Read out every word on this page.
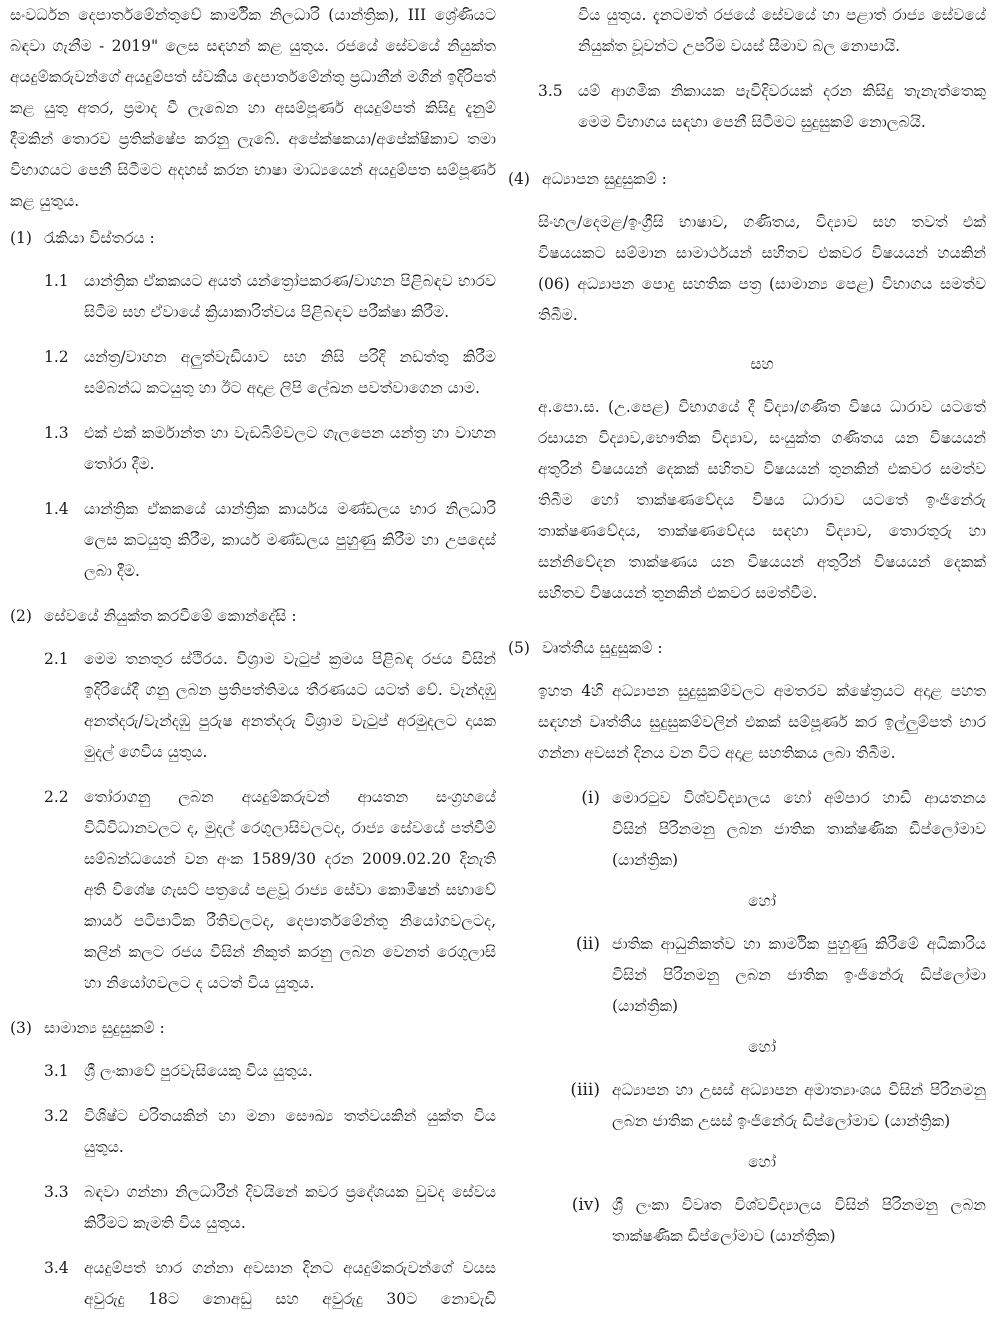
සංවර්ධන දෙපාර්තමේන්තුවේ කාර්මික නිලධාරි (යාන්ත්‍රික), III ශ්‍රේණියට බඳවා ගැනීම - 2019" ලෙස සඳහන් කළ යුතුය. රජයේ සේවයේ නියුක්ත අයදුම්කරුවන්ගේ අයදුම්පත් ස්වකීය දෙපාර්තමේන්තු ප්‍රධානීන් මගින් ඉදිරිපත් කළ යුතු අතර, ප්‍රමාද වී ලැබෙන හා අසම්පූර්ණ අයදුම්පත් කිසිදු දැනුම් දීමකින් තොරව ප්‍රතික්ෂේප කරනු ලැබේ. අපේක්ෂකයා/අපේක්ෂිකාව තමා විභාගයට පෙනී සිටීමට අදහස් කරන භාෂා මාධ්‍යයෙන් අයදුම්පත සම්පූර්ණ කළ යුතුය.

(1) රැකියා විස්තරය :
1.1 යාන්ත්‍රික ඒකකයට අයත් යන්ත්‍රෝපකරණ/වාහන පිළිබඳව භාරව සිටීම සහ ඒවායේ ක්‍රියාකාරිත්වය පිළිබඳව පරීක්ෂා කිරීම.

1.2 යන්ත්‍ර/වාහන අලුත්වැඩියාව සහ නිසි පරිදි නඩත්තු කිරීම සම්බන්ධ කටයුතු හා ඊට අදාළ ලිපි ලේඛන පවත්වාගෙන යාම.

1.3 එක් එක් කර්මාන්ත හා වැඩබිම්වලට ගැලපෙන යන්ත්‍ර හා වාහන තෝරා දීම.

1.4 යාන්ත්‍රික ඒකකයේ යාන්ත්‍රික කාර්යය මණ්ඩලය භාර නිලධාරි ලෙස කටයුතු කිරීම, කාර්ය මණ්ඩලය පුහුණු කිරීම හා උපදෙස් ලබා දීම.

(2) සේවයේ නියුක්ත කරවීමේ කොන්දේසි :
2.1 මෙම තනතුර ස්ථිරය. විශ්‍රාම වැටුප් ක්‍රමය පිළිබඳ රජය විසින් ඉදිරියේදී ගනු ලබන ප්‍රතිපත්තිමය තීරණයට යටත් වේ. වැන්දඹු අනත්දරු/වැන්දඹු පුරුෂ අනත්දරු විශ්‍රාම වැටුප් අරමුදලට දායක මුදල් ගෙවිය යුතුය.

2.2 තෝරාගනු ලබන අයදුම්කරුවන් ආයතන සංග්‍රහයේ විධිවිධානවලට ද, මුදල් රෙගුලාසිවලටද, රාජ්‍ය සේවයේ පත්වීම් සම්බන්ධයෙන් වන අංක 1589/30 දරන 2009.02.20 දිනැති අති විශේෂ ගැසට් පත්‍රයේ පළවූ රාජ්‍ය සේවා කොමිෂන් සභාවේ කාර්ය පටිපාටික රීතිවලටද, දෙපාර්තමේන්තු නියෝගවලටද, කලින් කලට රජය විසින් නිකුත් කරනු ලබන වෙනත් රෙගුලාසි හා නියෝගවලට ද යටත් විය යුතුය.

(3) සාමාන්‍ය සුදුසුකම් :
3.1 ශ්‍රී ලංකාවේ පුරවැසියෙකු විය යුතුය.

3.2 විශිෂ්ට චරිතයකින් හා මනා සෞඛ්‍ය තත්වයකින් යුක්ත විය යුතුය.

3.3 බඳවා ගන්නා නිලධාරීන් දිවයිනේ කවර ප්‍රදේශයක වුවද සේවය කිරීමට කැමති විය යුතුය.

3.4 අයදුම්පත් භාර ගන්නා අවසාන දිනට අයදුම්කරුවන්ගේ වයස අවුරුදු 18ට නොඅඩු සහ අවුරුදු 30ට නොවැඩි

විය යුතුය. දැනටමත් රජයේ සේවයේ හා පළාත් රාජ්‍ය සේවයේ නියුක්ත වූවන්ට උපරිම වයස් සීමාව බල නොපායි.

3.5 යම් ආගමික නිකායක පැවිදිවරයක් දරන කිසිදු තැනැත්තෙකු මෙම විභාගය සඳහා පෙනී සිටීමට සුදුසුකම් නොලබයි.

(4) අධ්‍යාපන සුදුසුකම් :

සිංහල/දෙමළ/ඉංග්‍රීසි භාෂාව, ගණිතය, විද්‍යාව සහ තවත් එක් විෂයයකට සම්මාන සාමාර්ථයන් සහිතව එකවර විෂයයන් හයකින් (06) අධ්‍යාපන පොදු සහතික පත්‍ර (සාමාන්‍ය පෙළ) විභාගය සමත්ව තිබීම.

සහ

අ.පො.ස. (උ.පෙළ) විභාගයේ දී විද්‍යා/ගණිත විෂය ධාරාව යටතේ රසායන විද්‍යාව,භෞතික විද්‍යාව, සංයුක්ත ගණිතය යන විෂයයන් අතුරින් විෂයයන් දෙකක් සහිතව විෂයයන් තුනකින් එකවර සමත්ව තිබීම හෝ තාක්ෂණවේදය විෂය ධාරාව යටතේ ඉංජිනේරු තාක්ෂණවේදය, තාක්ෂණවේදය සඳහා විද්‍යාව, තොරතුරු හා සන්නිවේදන තාක්ෂණය යන විෂයයන් අතුරින් විෂයයන් දෙකක් සහිතව විෂයයන් තුනකින් එකවර සමත්වීම.

(5) වෘත්තීය සුදුසුකම් :

ඉහත 4හි අධ්‍යාපන සුදුසුකම්වලට අමතරව ක්ෂේත්‍රයට අදාළ පහත සඳහන් වෘත්තීය සුදුසුකම්වලින් එකක් සම්පූර්ණ කර ඉල්ලුම්පත් භාර ගන්නා අවසන් දිනය වන විට අදාළ සහතිකය ලබා තිබීම.

(i) මොරටුව විශ්වවිද්‍යාලය හෝ අම්පාර හාඩි ආයතනය විසින් පිරිනමනු ලබන ජාතික තාක්ෂණික ඩිප්ලෝමාව (යාන්ත්‍රික)

හෝ

(ii) ජාතික ආධුනිකත්ව හා කාර්මික පුහුණු කිරීමේ අධිකාරිය විසින් පිරිනමනු ලබන ජාතික ඉංජිනේරු ඩිප්ලෝමා (යාන්ත්‍රික)

හෝ

(iii) අධ්‍යාපන හා උසස් අධ්‍යාපන අමාත්‍යාංශය විසින් පිරිනමනු ලබන ජාතික උසස් ඉංජිනේරු ඩිප්ලෝමාව (යාන්ත්‍රික)

හෝ

(iv) ශ්‍රී ලංකා විවෘත විශ්වවිද්‍යාලය විසින් පිරිනමනු ලබන තාක්ෂණික ඩිප්ලෝමාව (යාන්ත්‍රික)
